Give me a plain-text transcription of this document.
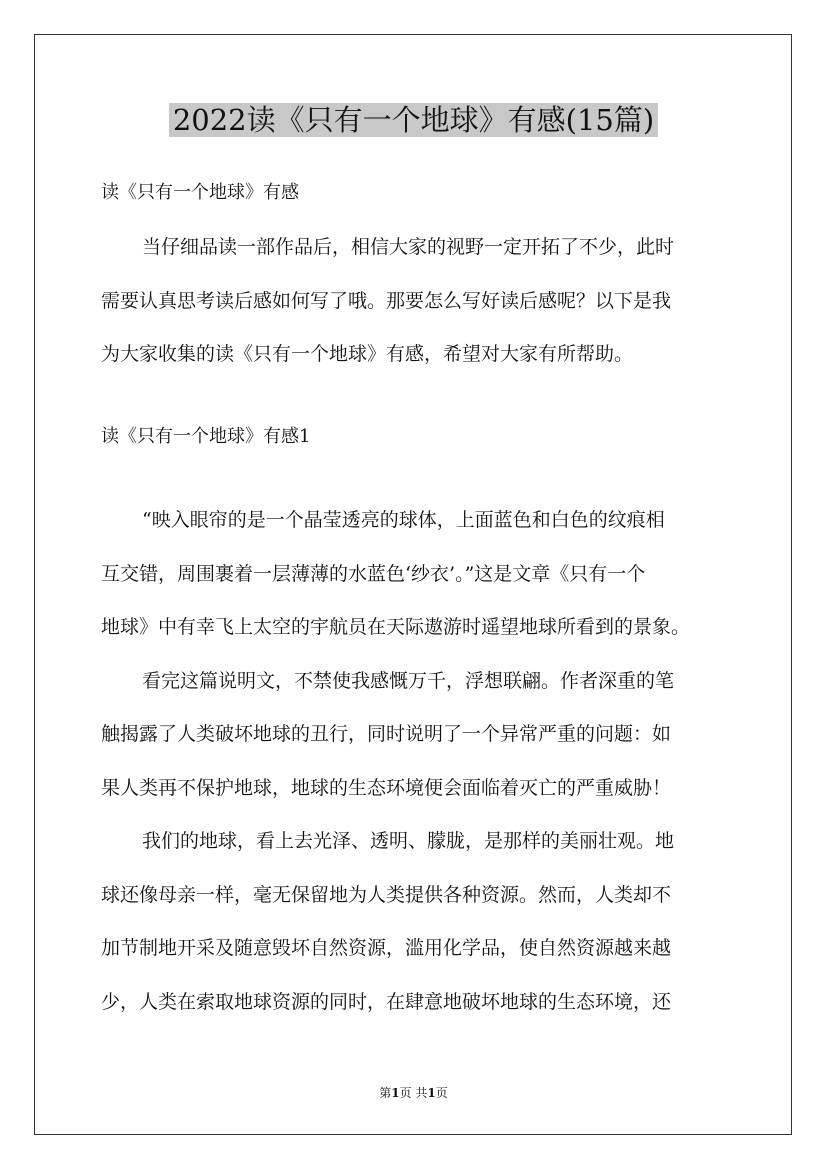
2022读《只有一个地球》有感(15篇)
读《只有一个地球》有感
当仔细品读一部作品后，相信大家的视野一定开拓了不少，此时
需要认真思考读后感如何写了哦。那要怎么写好读后感呢？以下是我
为大家收集的读《只有一个地球》有感，希望对大家有所帮助。
读《只有一个地球》有感1
“映入眼帘的是一个晶莹透亮的球体，上面蓝色和白色的纹痕相
互交错，周围裹着一层薄薄的水蓝色‘纱衣’。”这是文章《只有一个
地球》中有幸飞上太空的宇航员在天际遨游时遥望地球所看到的景象。
看完这篇说明文，不禁使我感慨万千，浮想联翩。作者深重的笔
触揭露了人类破坏地球的丑行，同时说明了一个异常严重的问题：如
果人类再不保护地球，地球的生态环境便会面临着灭亡的严重威胁！
我们的地球，看上去光泽、透明、朦胧，是那样的美丽壮观。地
球还像母亲一样，毫无保留地为人类提供各种资源。然而，人类却不
加节制地开采及随意毁坏自然资源，滥用化学品，使自然资源越来越
少，人类在索取地球资源的同时，在肆意地破坏地球的生态环境，还
第1页 共1页
